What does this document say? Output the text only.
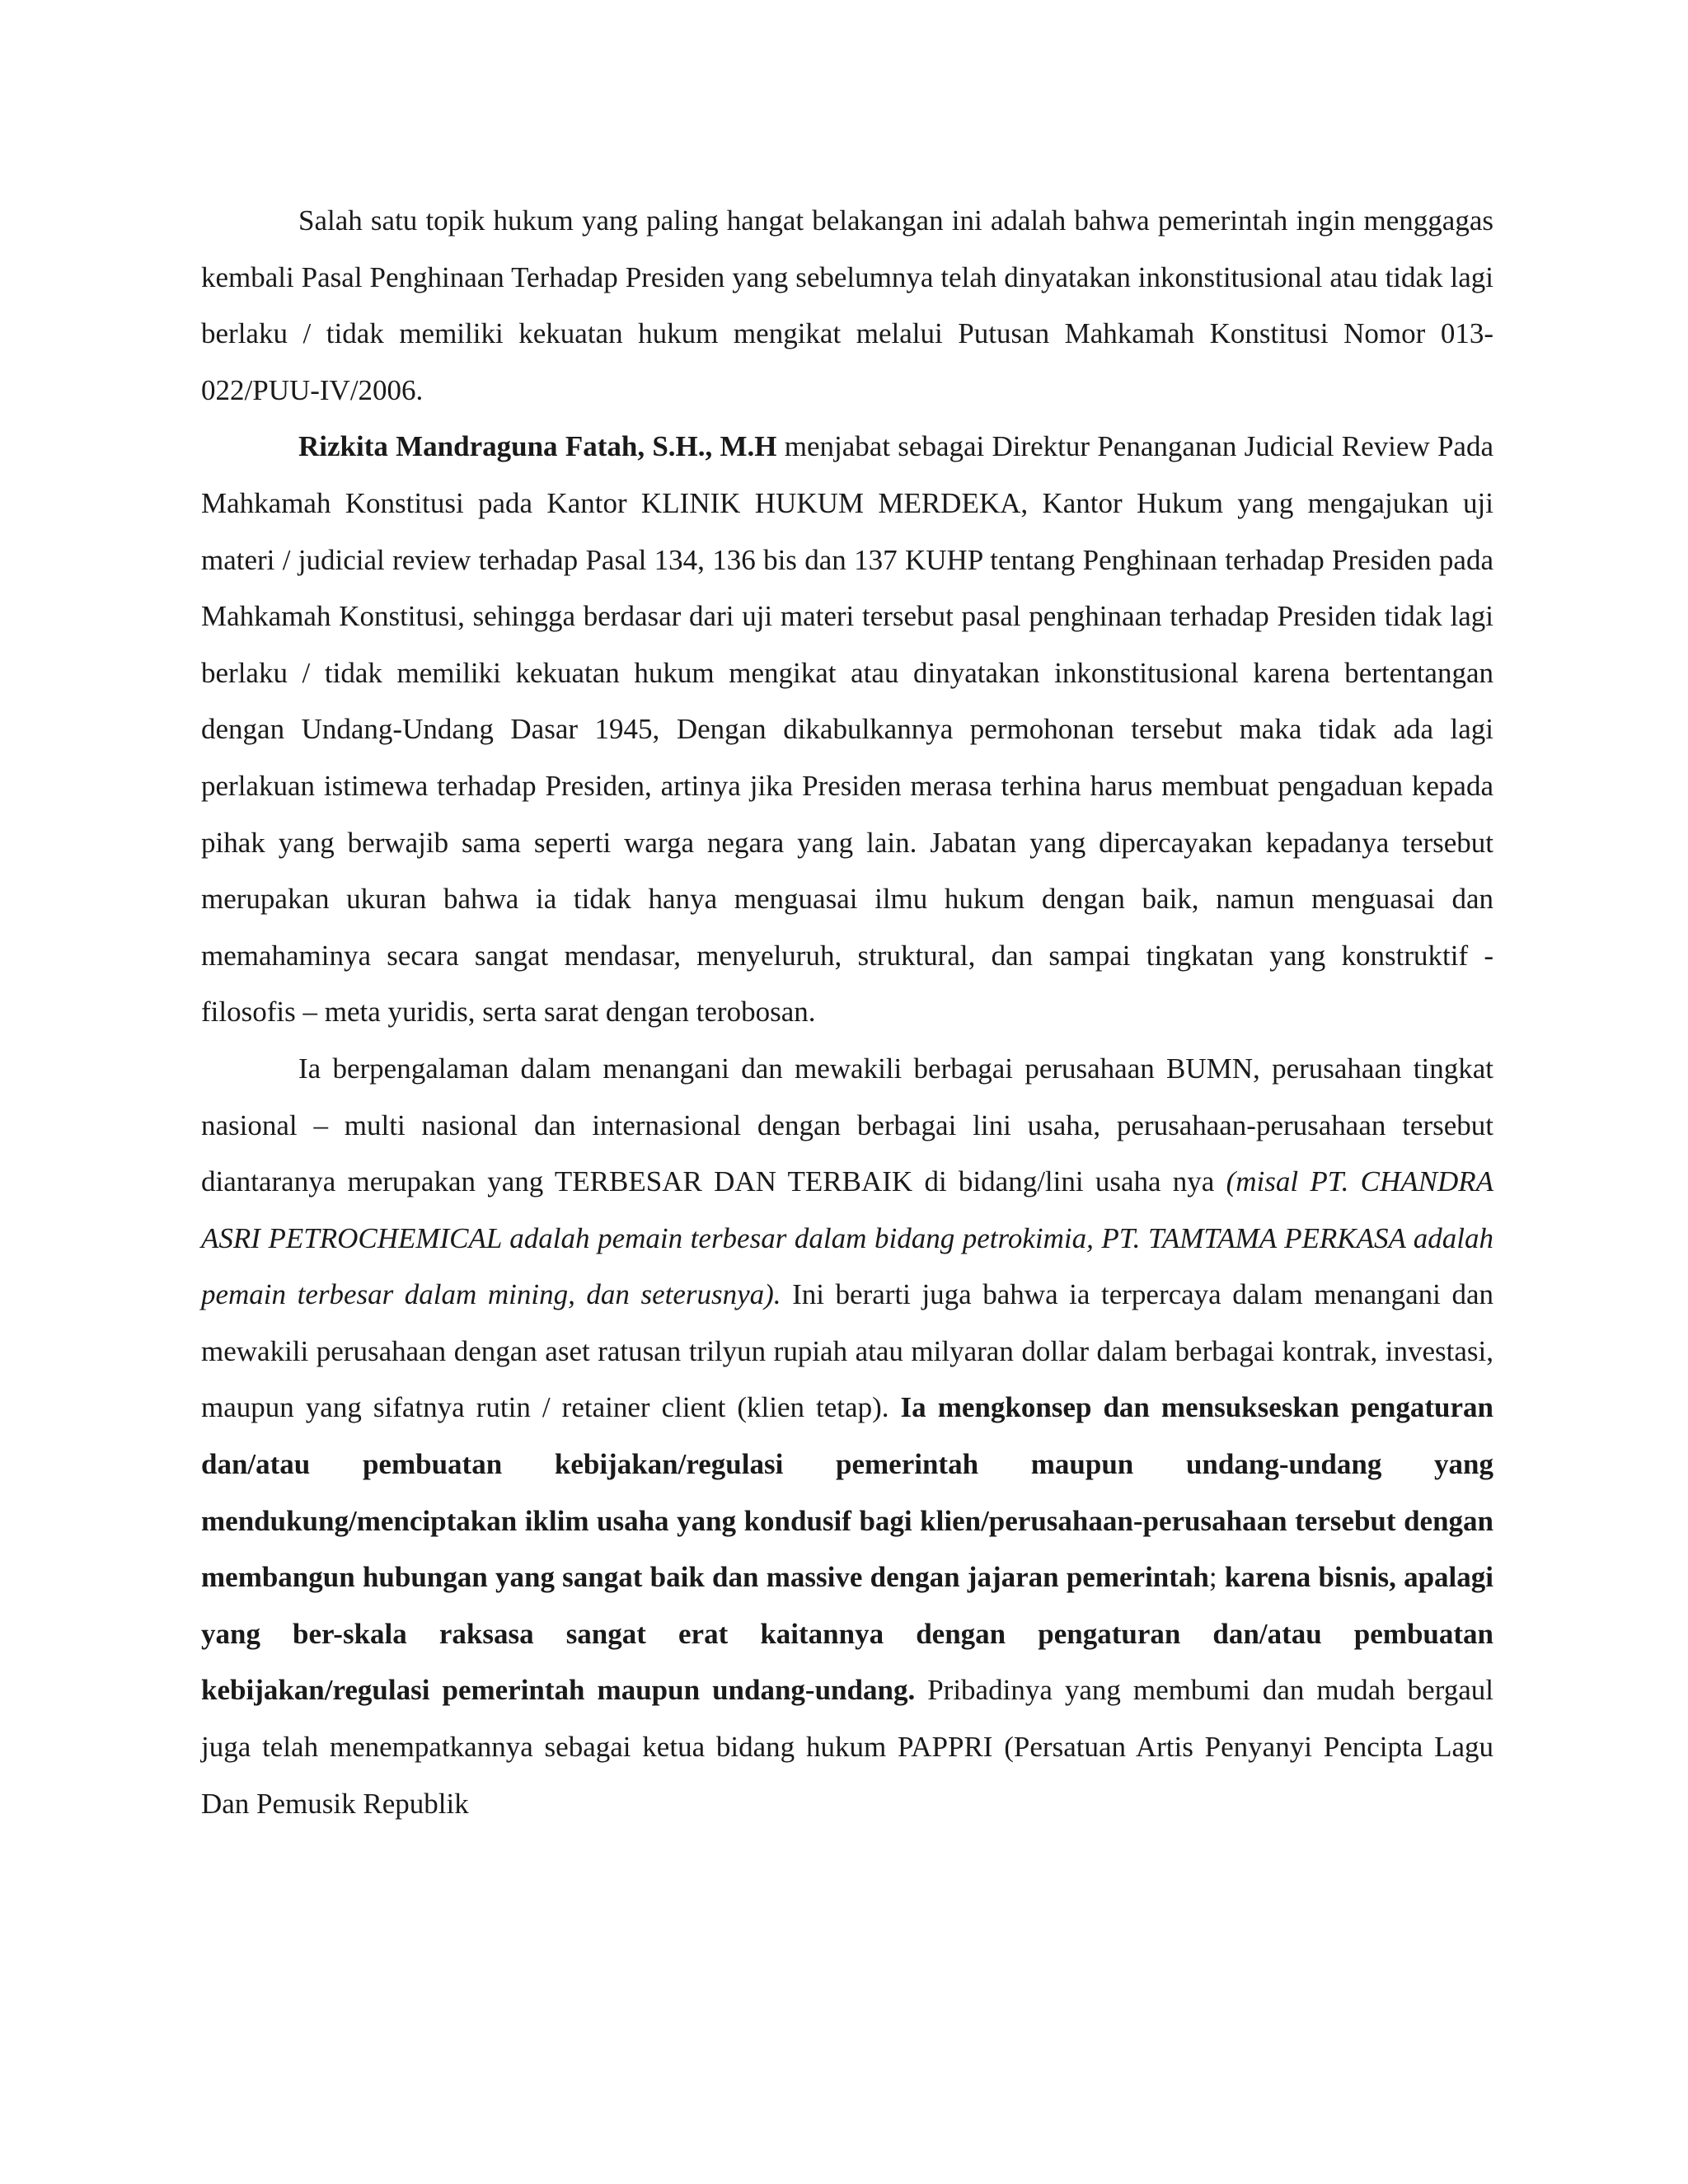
Salah satu topik hukum yang paling hangat belakangan ini adalah bahwa pemerintah ingin menggagas kembali Pasal Penghinaan Terhadap Presiden yang sebelumnya telah dinyatakan inkonstitusional atau tidak lagi berlaku / tidak memiliki kekuatan hukum mengikat melalui Putusan Mahkamah Konstitusi Nomor 013-022/PUU-IV/2006.

Rizkita Mandraguna Fatah, S.H., M.H menjabat sebagai Direktur Penanganan Judicial Review Pada Mahkamah Konstitusi pada Kantor KLINIK HUKUM MERDEKA, Kantor Hukum yang mengajukan uji materi / judicial review terhadap Pasal 134, 136 bis dan 137 KUHP tentang Penghinaan terhadap Presiden pada Mahkamah Konstitusi, sehingga berdasar dari uji materi tersebut pasal penghinaan terhadap Presiden tidak lagi berlaku / tidak memiliki kekuatan hukum mengikat atau dinyatakan inkonstitusional karena bertentangan dengan Undang-Undang Dasar 1945, Dengan dikabulkannya permohonan tersebut maka tidak ada lagi perlakuan istimewa terhadap Presiden, artinya jika Presiden merasa terhina harus membuat pengaduan kepada pihak yang berwajib sama seperti warga negara yang lain. Jabatan yang dipercayakan kepadanya tersebut merupakan ukuran bahwa ia tidak hanya menguasai ilmu hukum dengan baik, namun menguasai dan memahaminya secara sangat mendasar, menyeluruh, struktural, dan sampai tingkatan yang konstruktif - filosofis – meta yuridis, serta sarat dengan terobosan.

Ia berpengalaman dalam menangani dan mewakili berbagai perusahaan BUMN, perusahaan tingkat nasional – multi nasional dan internasional dengan berbagai lini usaha, perusahaan-perusahaan tersebut diantaranya merupakan yang TERBESAR DAN TERBAIK di bidang/lini usaha nya (misal PT. CHANDRA ASRI PETROCHEMICAL adalah pemain terbesar dalam bidang petrokimia, PT. TAMTAMA PERKASA adalah pemain terbesar dalam mining, dan seterusnya). Ini berarti juga bahwa ia terpercaya dalam menangani dan mewakili perusahaan dengan aset ratusan trilyun rupiah atau milyaran dollar dalam berbagai kontrak, investasi, maupun yang sifatnya rutin / retainer client (klien tetap). Ia mengkonsep dan mensukseskan pengaturan dan/atau pembuatan kebijakan/regulasi pemerintah maupun undang-undang yang mendukung/menciptakan iklim usaha yang kondusif bagi klien/perusahaan-perusahaan tersebut dengan membangun hubungan yang sangat baik dan massive dengan jajaran pemerintah; karena bisnis, apalagi yang ber-skala raksasa sangat erat kaitannya dengan pengaturan dan/atau pembuatan kebijakan/regulasi pemerintah maupun undang-undang. Pribadinya yang membumi dan mudah bergaul juga telah menempatkannya sebagai ketua bidang hukum PAPPRI (Persatuan Artis Penyanyi Pencipta Lagu Dan Pemusik Republik
